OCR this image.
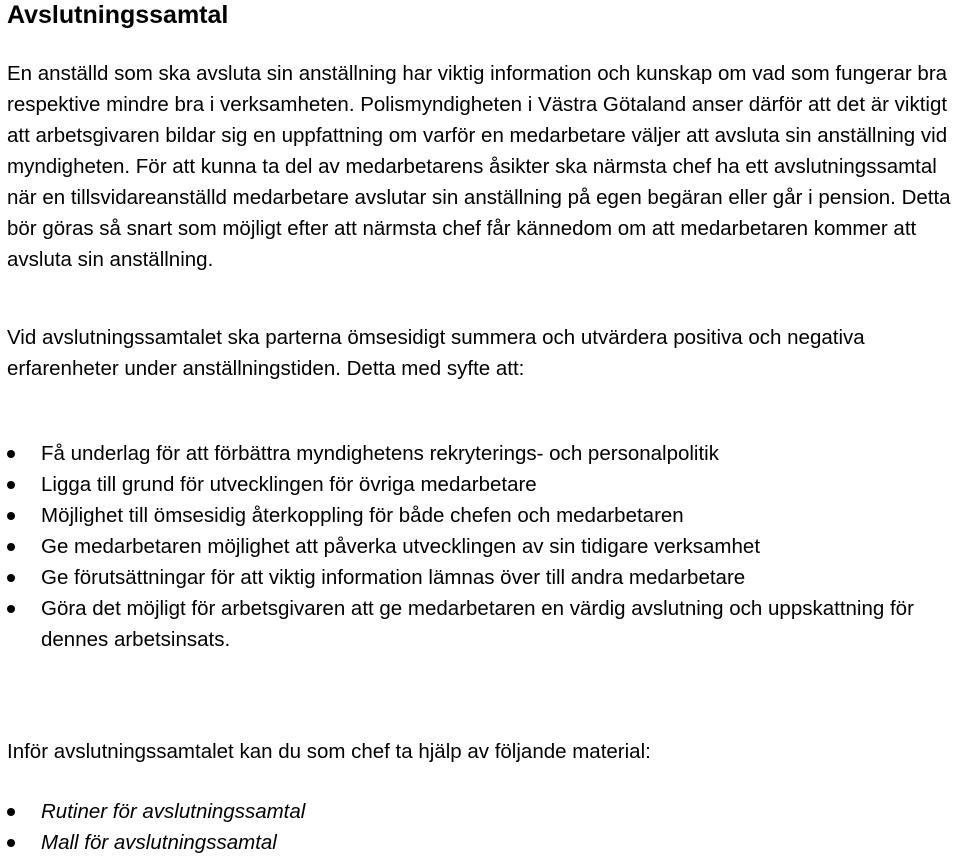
Avslutningssamtal

En anställd som ska avsluta sin anställning har viktig information och kunskap om vad som fungerar bra respektive mindre bra i verksamheten. Polismyndigheten i Västra Götaland anser därför att det är viktigt att arbetsgivaren bildar sig en uppfattning om varför en medarbetare väljer att avsluta sin anställning vid myndigheten. För att kunna ta del av medarbetarens åsikter ska närmsta chef ha ett avslutningssamtal när en tillsvidareanställd medarbetare avslutar sin anställning på egen begäran eller går i pension. Detta bör göras så snart som möjligt efter att närmsta chef får kännedom om att medarbetaren kommer att avsluta sin anställning.

Vid avslutningssamtalet ska parterna ömsesidigt summera och utvärdera positiva och negativa erfarenheter under anställningstiden. Detta med syfte att:

Få underlag för att förbättra myndighetens rekryterings- och personalpolitik
Ligga till grund för utvecklingen för övriga medarbetare
Möjlighet till ömsesidig återkoppling för både chefen och medarbetaren
Ge medarbetaren möjlighet att påverka utvecklingen av sin tidigare verksamhet
Ge förutsättningar för att viktig information lämnas över till andra medarbetare
Göra det möjligt för arbetsgivaren att ge medarbetaren en värdig avslutning och uppskattning för dennes arbetsinsats.

Inför avslutningssamtalet kan du som chef ta hjälp av följande material:

Rutiner för avslutningssamtal
Mall för avslutningssamtal
